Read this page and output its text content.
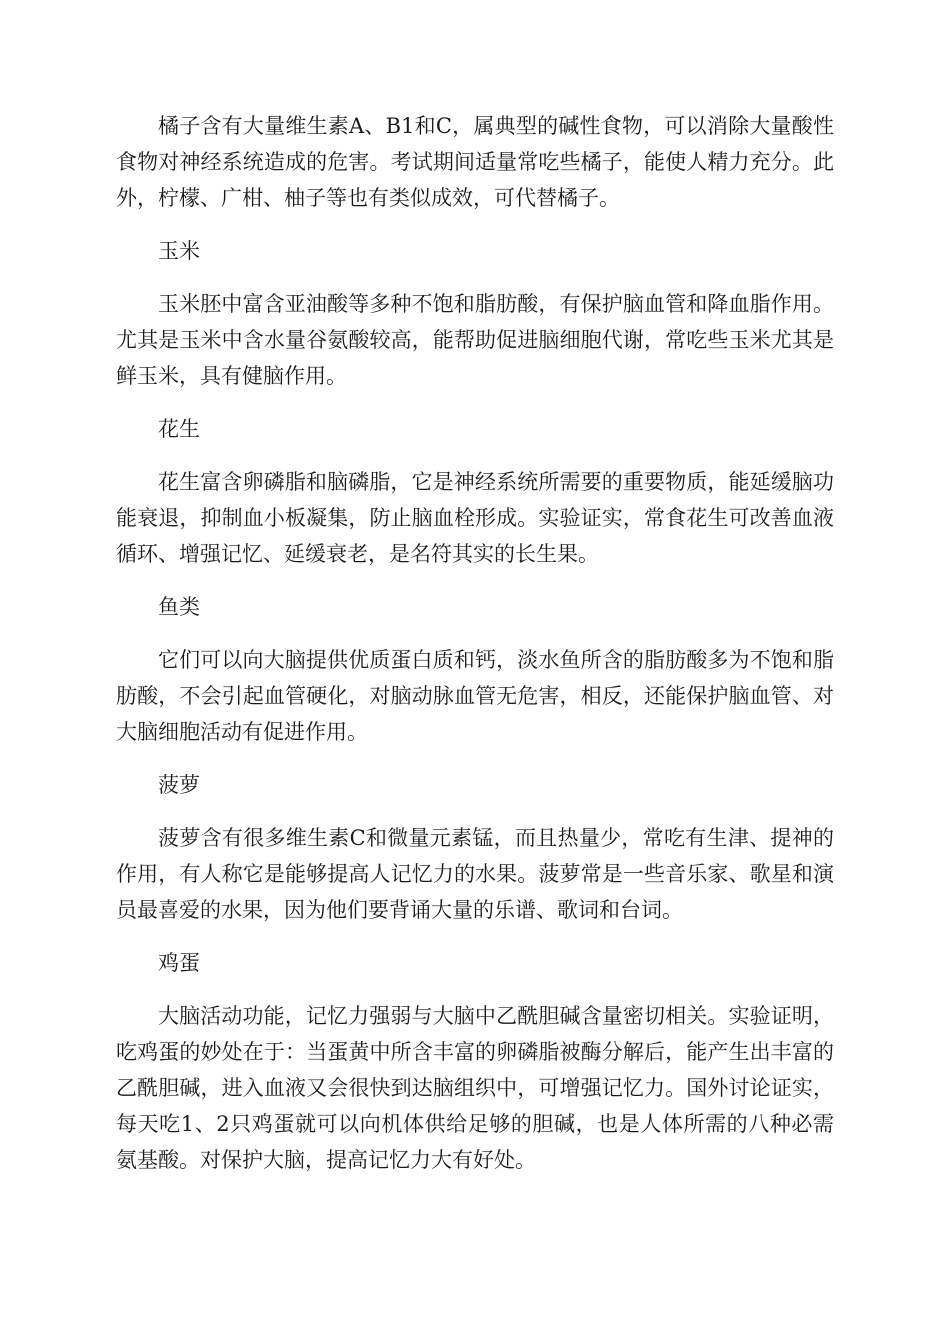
橘子含有大量维生素A、B1和C，属典型的碱性食物，可以消除大量酸性食物对神经系统造成的危害。考试期间适量常吃些橘子，能使人精力充分。此外，柠檬、广柑、柚子等也有类似成效，可代替橘子。

玉米

玉米胚中富含亚油酸等多种不饱和脂肪酸，有保护脑血管和降血脂作用。尤其是玉米中含水量谷氨酸较高，能帮助促进脑细胞代谢，常吃些玉米尤其是鲜玉米，具有健脑作用。

花生

花生富含卵磷脂和脑磷脂，它是神经系统所需要的重要物质，能延缓脑功能衰退，抑制血小板凝集，防止脑血栓形成。实验证实，常食花生可改善血液循环、增强记忆、延缓衰老，是名符其实的长生果。

鱼类

它们可以向大脑提供优质蛋白质和钙，淡水鱼所含的脂肪酸多为不饱和脂肪酸，不会引起血管硬化，对脑动脉血管无危害，相反，还能保护脑血管、对大脑细胞活动有促进作用。

菠萝

菠萝含有很多维生素C和微量元素锰，而且热量少，常吃有生津、提神的作用，有人称它是能够提高人记忆力的水果。菠萝常是一些音乐家、歌星和演员最喜爱的水果，因为他们要背诵大量的乐谱、歌词和台词。

鸡蛋

大脑活动功能，记忆力强弱与大脑中乙酰胆碱含量密切相关。实验证明，吃鸡蛋的妙处在于：当蛋黄中所含丰富的卵磷脂被酶分解后，能产生出丰富的乙酰胆碱，进入血液又会很快到达脑组织中，可增强记忆力。国外讨论证实，每天吃1、2只鸡蛋就可以向机体供给足够的胆碱，也是人体所需的八种必需氨基酸。对保护大脑，提高记忆力大有好处。
